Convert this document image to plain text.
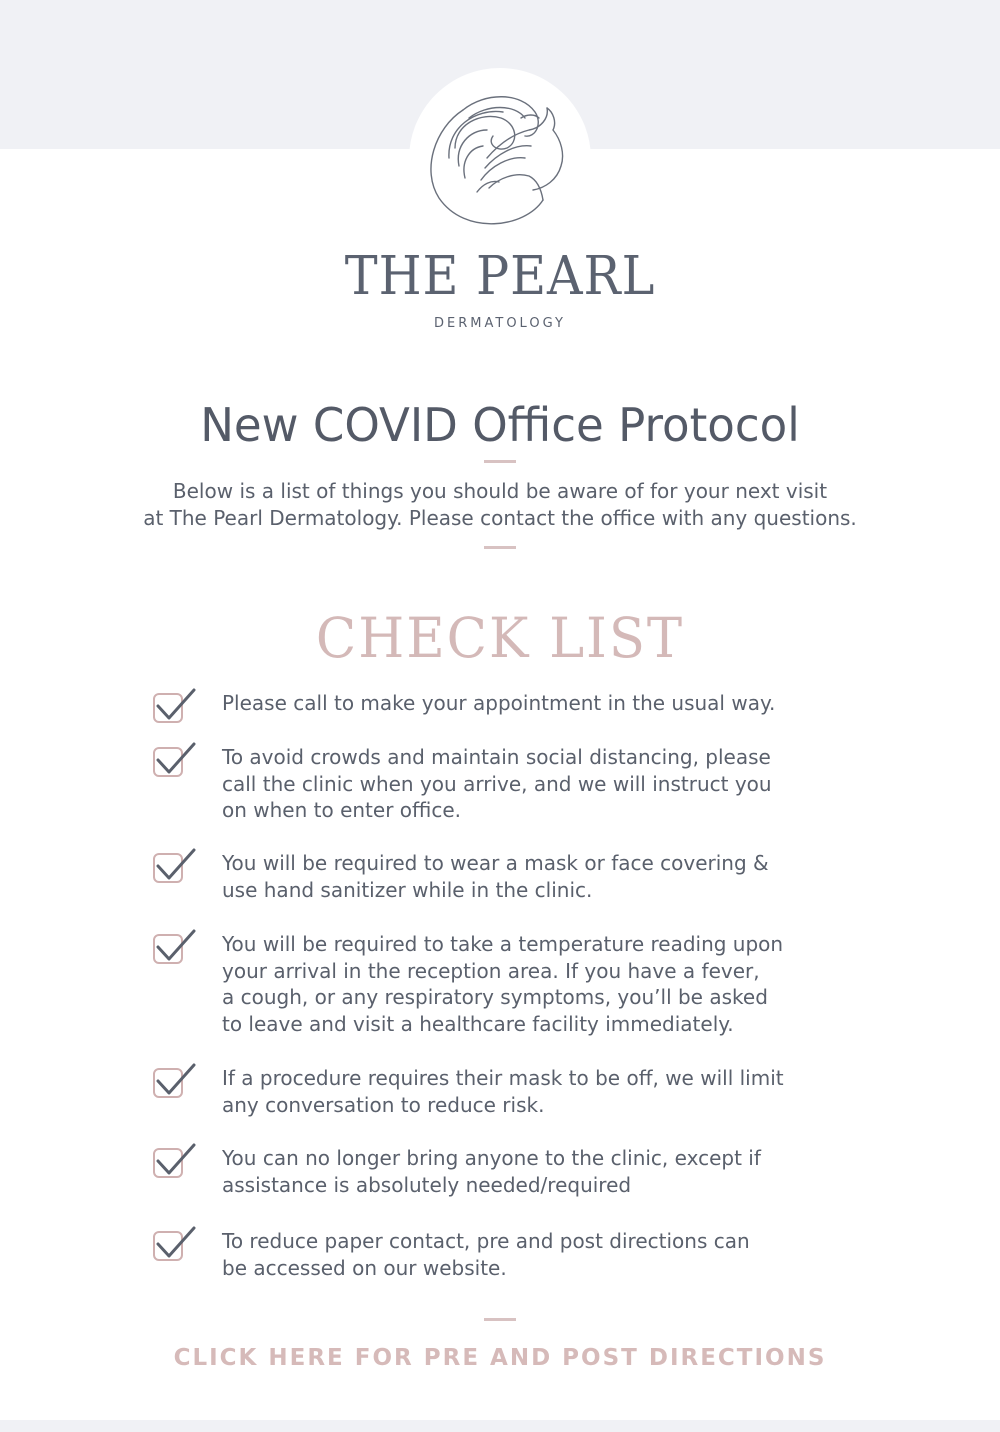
THE PEARL
DERMATOLOGY
New COVID Office Protocol
Below is a list of things you should be aware of for your next visit
at The Pearl Dermatology. Please contact the office with any questions.
CHECK LIST
Please call to make your appointment in the usual way.
To avoid crowds and maintain social distancing, please
call the clinic when you arrive, and we will instruct you
on when to enter office.
You will be required to wear a mask or face covering &
use hand sanitizer while in the clinic.
You will be required to take a temperature reading upon
your arrival in the reception area. If you have a fever,
a cough, or any respiratory symptoms, you’ll be asked
to leave and visit a healthcare facility immediately.
If a procedure requires their mask to be off, we will limit
any conversation to reduce risk.
You can no longer bring anyone to the clinic, except if
assistance is absolutely needed/required
To reduce paper contact, pre and post directions can
be accessed on our website.
CLICK HERE FOR PRE AND POST DIRECTIONS
